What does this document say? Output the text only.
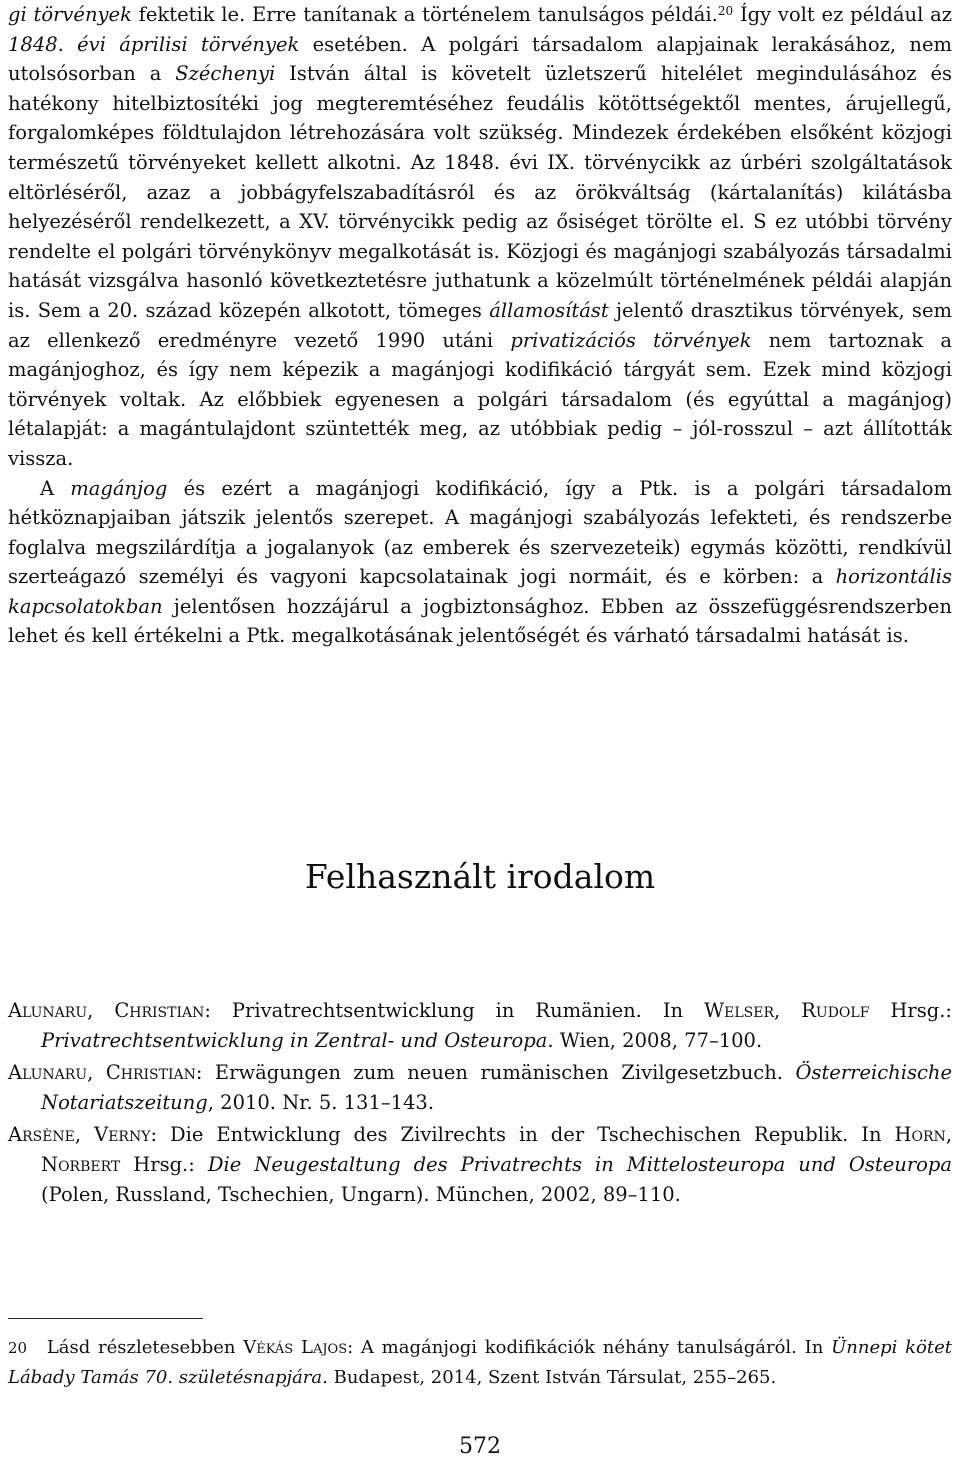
gi törvények fektetik le. Erre tanítanak a történelem tanulságos példái.$^{20}$ Így volt ez például az 1848. évi áprilisi törvények esetében. A polgári társadalom alapjainak lerakásához, nem utolsósorban a Széchenyi István által is követelt üzletszerű hitelélet megindulásához és hatékony hitelbiztosítéki jog megteremtéséhez feudális kötöttségektől mentes, árujellegű, forgalomképes földtulajdon létrehozására volt szükség. Mindezek érdekében elsőként közjogi természetű törvényeket kellett alkotni. Az 1848. évi IX. törvénycikk az úrbéri szolgáltatások eltörléséről, azaz a jobbágyfelszabadításról és az örökváltság (kártalanítás) kilátásba helyezéséről rendelkezett, a XV. törvénycikk pedig az ősiséget törölte el. S ez utóbbi törvény rendelte el polgári törvénykönyv megalkotását is. Közjogi és magánjogi szabályozás társadalmi hatását vizsgálva hasonló következtetésre juthatunk a közelmúlt történelmének példái alapján is. Sem a 20. század közepén alkotott, tömeges államosítást jelentő drasztikus törvények, sem az ellenkező eredményre vezető 1990 utáni privatizációs törvények nem tartoznak a magánjoghoz, és így nem képezik a magánjogi kodifikáció tárgyát sem. Ezek mind közjogi törvények voltak. Az előbbiek egyenesen a polgári társadalom (és egyúttal a magánjog) létalapját: a magántulajdont szüntették meg, az utóbbiak pedig – jól-rosszul – azt állították vissza.

A magánjog és ezért a magánjogi kodifikáció, így a Ptk. is a polgári társadalom hétköznapjaiban játszik jelentős szerepet. A magánjogi szabályozás lefekteti, és rendszerbe foglalva megszilárdítja a jogalanyok (az emberek és szervezeteik) egymás közötti, rendkívül szerteágazó személyi és vagyoni kapcsolatainak jogi normáit, és e körben: a horizontális kapcsolatokban jelentősen hozzájárul a jogbiztonsághoz. Ebben az összefüggésrendszerben lehet és kell értékelni a Ptk. megalkotásának jelentőségét és várható társadalmi hatását is.

Felhasznált irodalom

Alunaru, Christian: Privatrechtsentwicklung in Rumänien. In Welser, Rudolf Hrsg.: Privatrechtsentwicklung in Zentral- und Osteuropa. Wien, 2008, 77–100.

Alunaru, Christian: Erwägungen zum neuen rumänischen Zivilgesetzbuch. Österreichische Notariatszeitung, 2010. Nr. 5. 131–143.

Arsène, Verny: Die Entwicklung des Zivilrechts in der Tschechischen Republik. In Horn, Norbert Hrsg.: Die Neugestaltung des Privatrechts in Mittelosteuropa und Osteuropa (Polen, Russland, Tschechien, Ungarn). München, 2002, 89–110.

20 Lásd részletesebben Vékás Lajos: A magánjogi kodifikációk néhány tanulságáról. In Ünnepi kötet Lábady Tamás 70. születésnapjára. Budapest, 2014, Szent István Társulat, 255–265.

572
